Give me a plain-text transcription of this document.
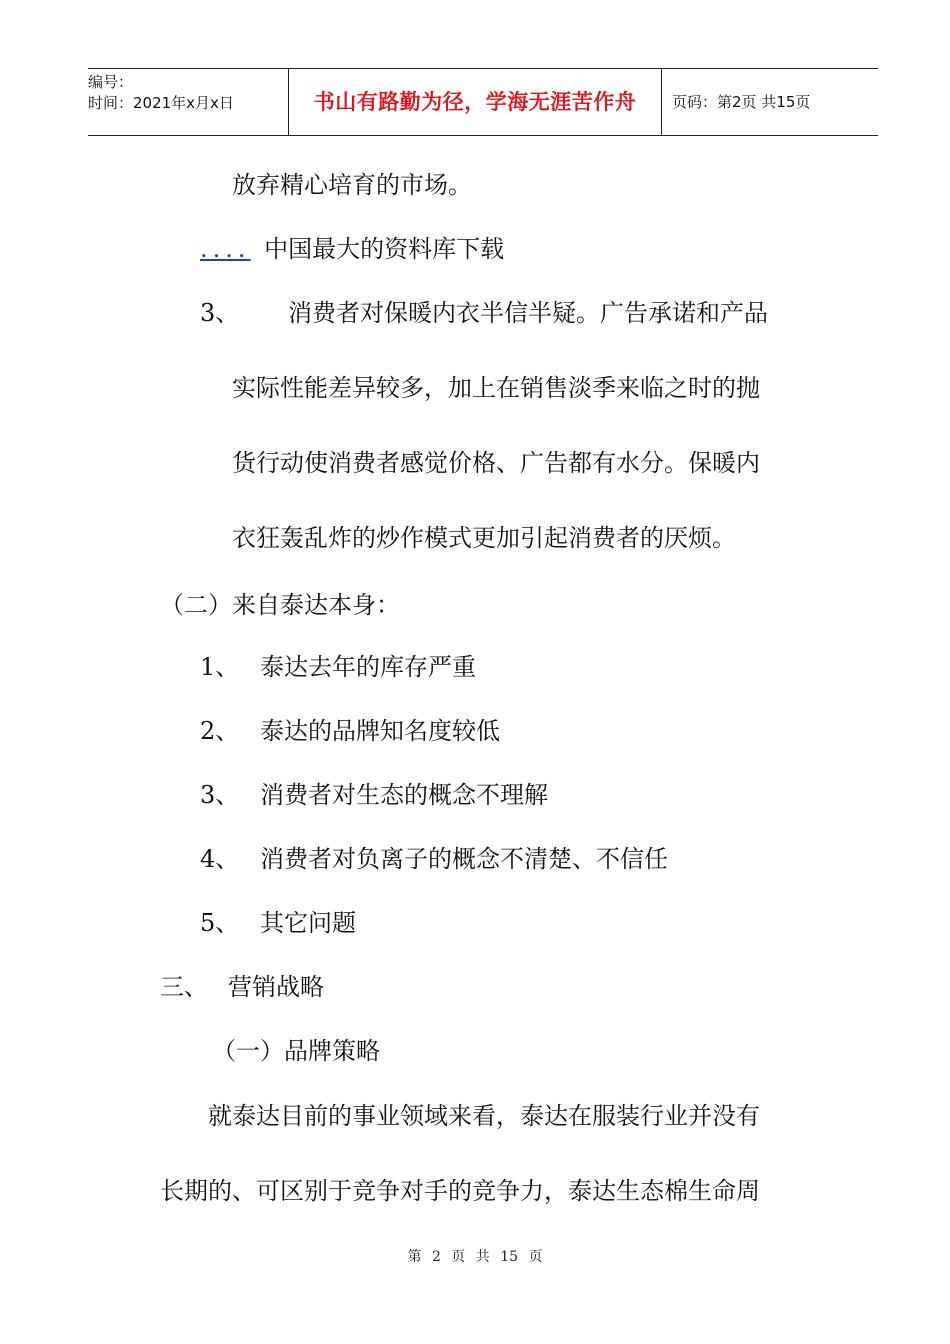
编号：
时间：2021年x月x日	书山有路勤为径，学海无涯苦作舟	页码：第2页 共15页
放弃精心培育的市场。
.... 中国最大的资料库下载
3、 消费者对保暖内衣半信半疑。广告承诺和产品
实际性能差异较多，加上在销售淡季来临之时的抛
货行动使消费者感觉价格、广告都有水分。保暖内
衣狂轰乱炸的炒作模式更加引起消费者的厌烦。
（二）来自泰达本身：
1、 泰达去年的库存严重
2、 泰达的品牌知名度较低
3、 消费者对生态的概念不理解
4、 消费者对负离子的概念不清楚、不信任
5、 其它问题
三、 营销战略
（一）品牌策略
就泰达目前的事业领域来看，泰达在服装行业并没有
长期的、可区别于竞争对手的竞争力，泰达生态棉生命周
第 2 页 共 15 页
